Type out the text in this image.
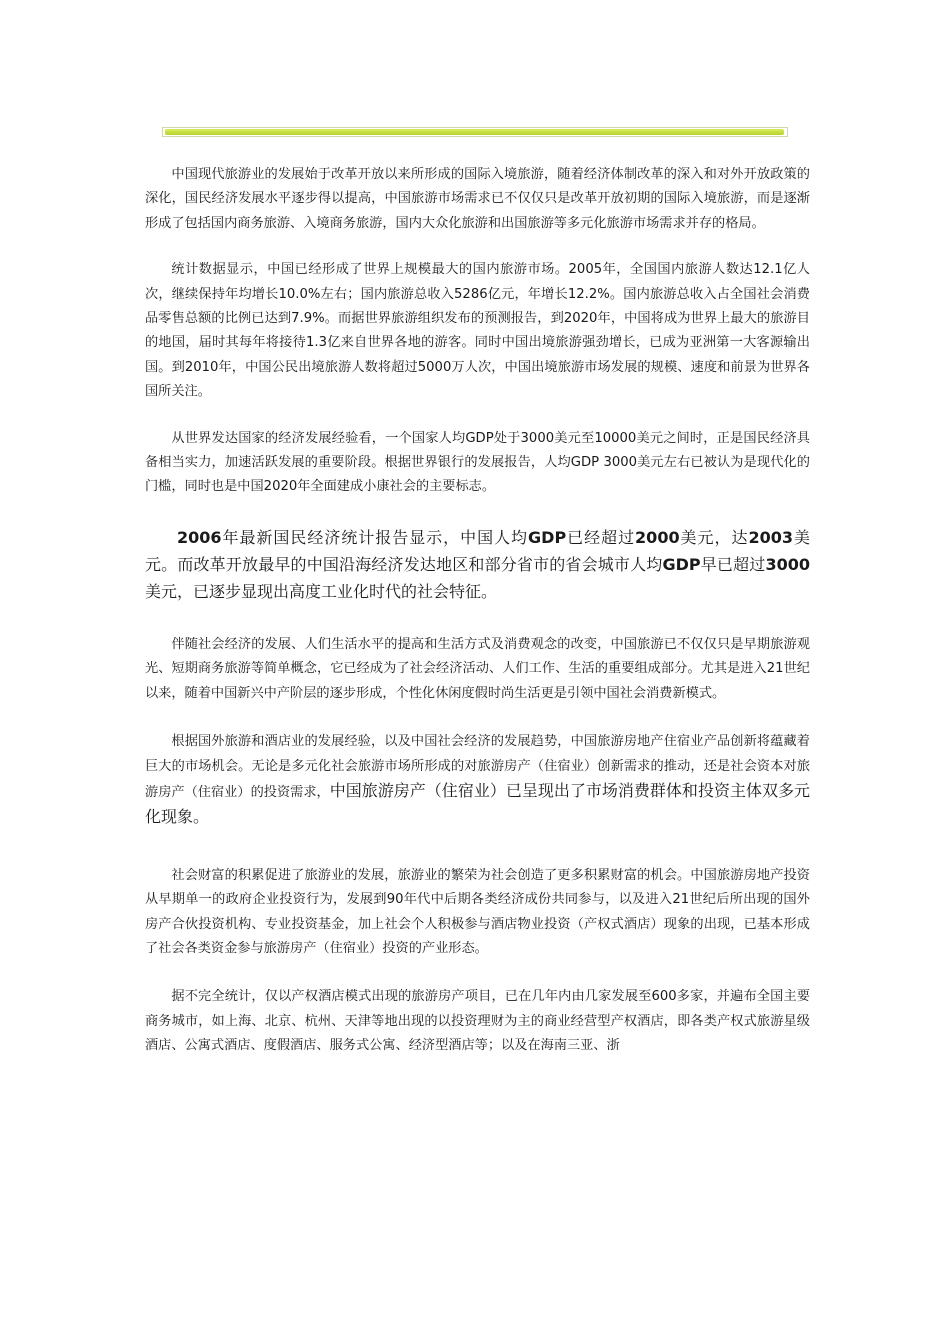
中国现代旅游业的发展始于改革开放以来所形成的国际入境旅游，随着经济体制改革的深入和对外开放政策的深化，国民经济发展水平逐步得以提高，中国旅游市场需求已不仅仅只是改革开放初期的国际入境旅游，而是逐渐形成了包括国内商务旅游、入境商务旅游，国内大众化旅游和出国旅游等多元化旅游市场需求并存的格局。

统计数据显示，中国已经形成了世界上规模最大的国内旅游市场。2005年，全国国内旅游人数达12.1亿人次，继续保持年均增长10.0%左右；国内旅游总收入5286亿元，年增长12.2%。国内旅游总收入占全国社会消费品零售总额的比例已达到7.9%。而据世界旅游组织发布的预测报告，到2020年，中国将成为世界上最大的旅游目的地国，届时其每年将接待1.3亿来自世界各地的游客。同时中国出境旅游强劲增长，已成为亚洲第一大客源输出国。到2010年，中国公民出境旅游人数将超过5000万人次，中国出境旅游市场发展的规模、速度和前景为世界各国所关注。

从世界发达国家的经济发展经验看，一个国家人均GDP处于3000美元至10000美元之间时，正是国民经济具备相当实力，加速活跃发展的重要阶段。根据世界银行的发展报告，人均GDP 3000美元左右已被认为是现代化的门槛，同时也是中国2020年全面建成小康社会的主要标志。

2006年最新国民经济统计报告显示，中国人均GDP已经超过2000美元，达2003美元。而改革开放最早的中国沿海经济发达地区和部分省市的省会城市人均GDP早已超过3000美元，已逐步显现出高度工业化时代的社会特征。

伴随社会经济的发展、人们生活水平的提高和生活方式及消费观念的改变，中国旅游已不仅仅只是早期旅游观光、短期商务旅游等简单概念，它已经成为了社会经济活动、人们工作、生活的重要组成部分。尤其是进入21世纪以来，随着中国新兴中产阶层的逐步形成，个性化休闲度假时尚生活更是引领中国社会消费新模式。

根据国外旅游和酒店业的发展经验，以及中国社会经济的发展趋势，中国旅游房地产住宿业产品创新将蕴藏着巨大的市场机会。无论是多元化社会旅游市场所形成的对旅游房产（住宿业）创新需求的推动，还是社会资本对旅游房产（住宿业）的投资需求，中国旅游房产（住宿业）已呈现出了市场消费群体和投资主体双多元化现象。

社会财富的积累促进了旅游业的发展，旅游业的繁荣为社会创造了更多积累财富的机会。中国旅游房地产投资从早期单一的政府企业投资行为，发展到90年代中后期各类经济成份共同参与，以及进入21世纪后所出现的国外房产合伙投资机构、专业投资基金，加上社会个人积极参与酒店物业投资（产权式酒店）现象的出现，已基本形成了社会各类资金参与旅游房产（住宿业）投资的产业形态。

据不完全统计，仅以产权酒店模式出现的旅游房产项目，已在几年内由几家发展至600多家，并遍布全国主要商务城市，如上海、北京、杭州、天津等地出现的以投资理财为主的商业经营型产权酒店，即各类产权式旅游星级酒店、公寓式酒店、度假酒店、服务式公寓、经济型酒店等；以及在海南三亚、浙
